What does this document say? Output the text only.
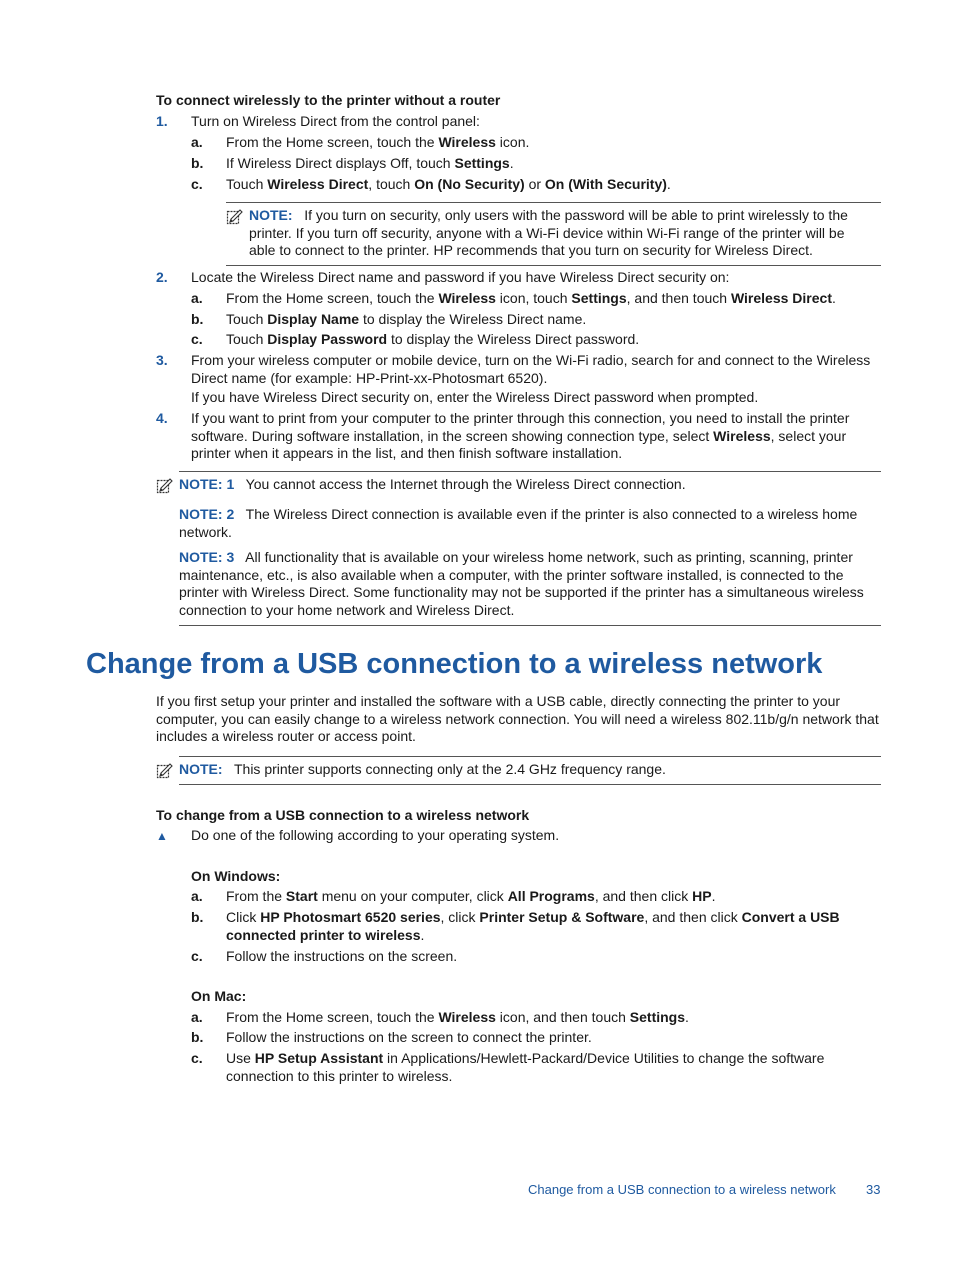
To connect wirelessly to the printer without a router
1.	Turn on Wireless Direct from the control panel:
a.	From the Home screen, touch the Wireless icon.
b.	If Wireless Direct displays Off, touch Settings.
c.	Touch Wireless Direct, touch On (No Security) or On (With Security).
NOTE: If you turn on security, only users with the password will be able to print wirelessly to the printer. If you turn off security, anyone with a Wi-Fi device within Wi-Fi range of the printer will be able to connect to the printer. HP recommends that you turn on security for Wireless Direct.
2.	Locate the Wireless Direct name and password if you have Wireless Direct security on:
a.	From the Home screen, touch the Wireless icon, touch Settings, and then touch Wireless Direct.
b.	Touch Display Name to display the Wireless Direct name.
c.	Touch Display Password to display the Wireless Direct password.
3.	From your wireless computer or mobile device, turn on the Wi-Fi radio, search for and connect to the Wireless Direct name (for example: HP-Print-xx-Photosmart 6520).
If you have Wireless Direct security on, enter the Wireless Direct password when prompted.
4.	If you want to print from your computer to the printer through this connection, you need to install the printer software. During software installation, in the screen showing connection type, select Wireless, select your printer when it appears in the list, and then finish software installation.
NOTE: 1 You cannot access the Internet through the Wireless Direct connection.
NOTE: 2 The Wireless Direct connection is available even if the printer is also connected to a wireless home network.
NOTE: 3 All functionality that is available on your wireless home network, such as printing, scanning, printer maintenance, etc., is also available when a computer, with the printer software installed, is connected to the printer with Wireless Direct. Some functionality may not be supported if the printer has a simultaneous wireless connection to your home network and Wireless Direct.
Change from a USB connection to a wireless network
If you first setup your printer and installed the software with a USB cable, directly connecting the printer to your computer, you can easily change to a wireless network connection. You will need a wireless 802.11b/g/n network that includes a wireless router or access point.
NOTE: This printer supports connecting only at the 2.4 GHz frequency range.
To change from a USB connection to a wireless network
▲	Do one of the following according to your operating system.
On Windows:
a.	From the Start menu on your computer, click All Programs, and then click HP.
b.	Click HP Photosmart 6520 series, click Printer Setup & Software, and then click Convert a USB connected printer to wireless.
c.	Follow the instructions on the screen.
On Mac:
a.	From the Home screen, touch the Wireless icon, and then touch Settings.
b.	Follow the instructions on the screen to connect the printer.
c.	Use HP Setup Assistant in Applications/Hewlett-Packard/Device Utilities to change the software connection to this printer to wireless.
Change from a USB connection to a wireless network 33
